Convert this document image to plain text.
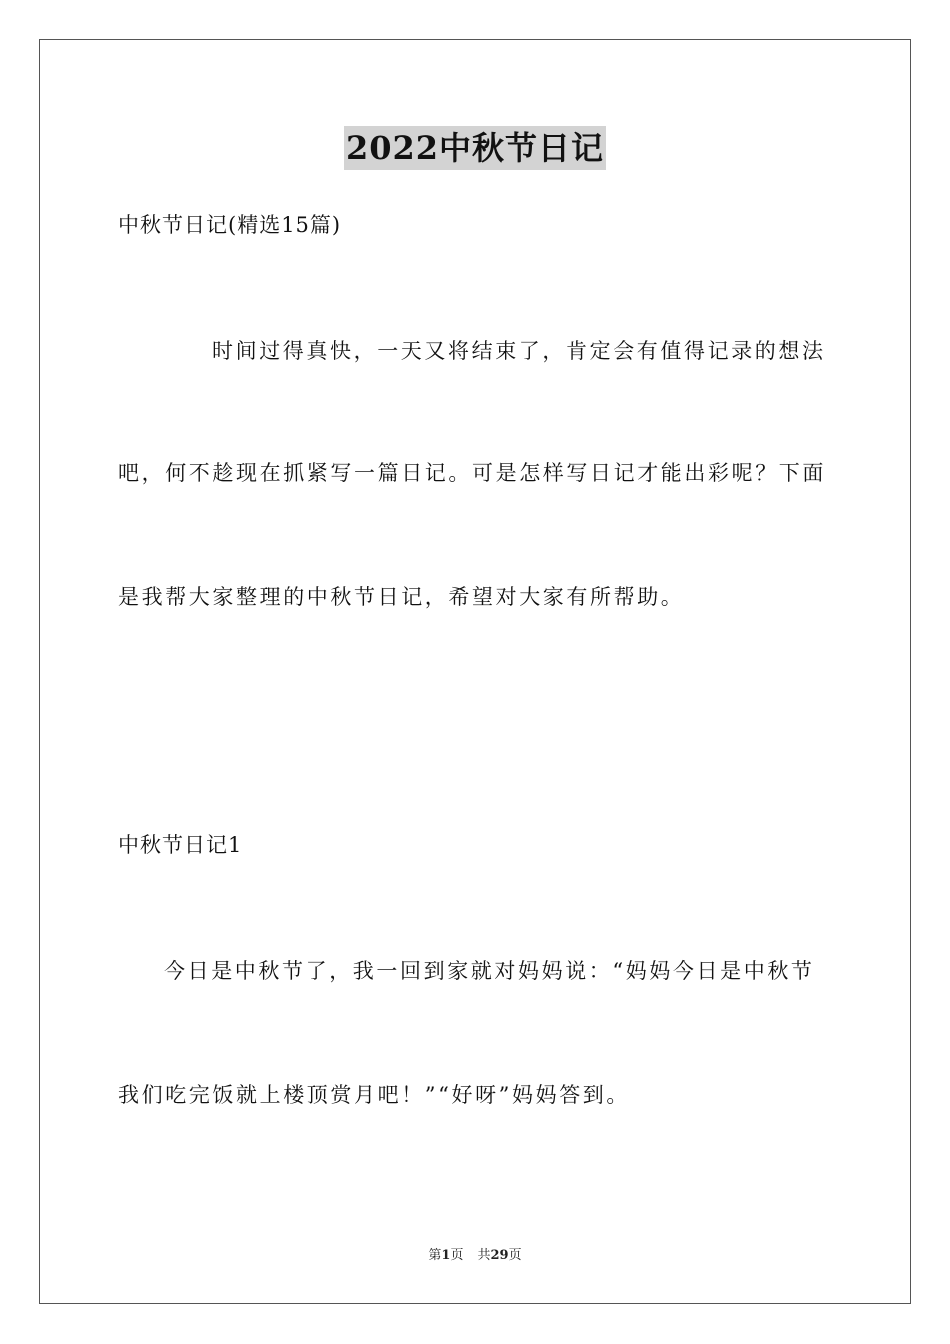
2022中秋节日记
中秋节日记(精选15篇)
时间过得真快，一天又将结束了，肯定会有值得记录的想法
吧，何不趁现在抓紧写一篇日记。可是怎样写日记才能出彩呢？下面
是我帮大家整理的中秋节日记，希望对大家有所帮助。
中秋节日记1
今日是中秋节了，我一回到家就对妈妈说：“妈妈今日是中秋节
我们吃完饭就上楼顶赏月吧！”“好呀”妈妈答到。
第1页 共29页
